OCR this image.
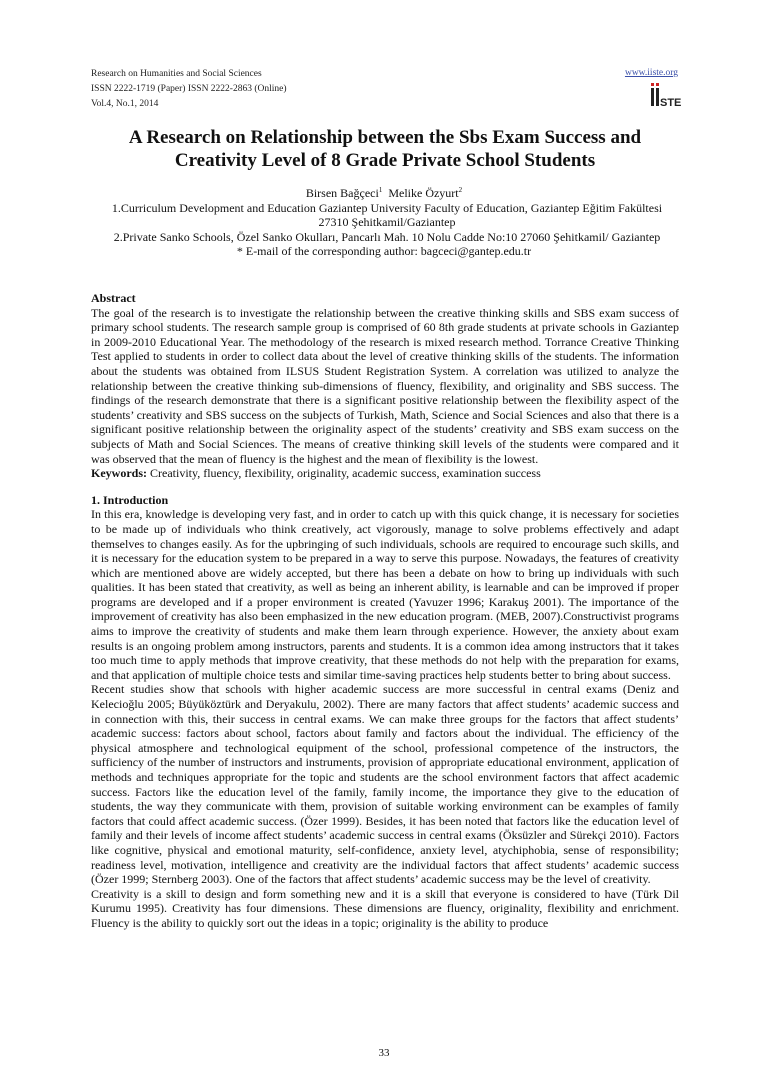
Research on Humanities and Social Sciences
ISSN 2222-1719 (Paper) ISSN 2222-2863 (Online)
Vol.4, No.1, 2014
www.iiste.org
STE
A Research on Relationship between the Sbs Exam Success and Creativity Level of 8 Grade Private School Students

Birsen Bağçeci$^1$ Melike Özyurt$^2$

1.Curriculum Development and Education Gaziantep University Faculty of Education, Gaziantep Eğitim Fakültesi 27310 Şehitkamil/Gaziantep

2.Private Sanko Schools, Özel Sanko Okulları, Pancarlı Mah. 10 Nolu Cadde No:10 27060 Şehitkamil/ Gaziantep

* E-mail of the corresponding author: bagceci@gantep.edu.tr

Abstract

The goal of the research is to investigate the relationship between the creative thinking skills and SBS exam success of primary school students. The research sample group is comprised of 60 8th grade students at private schools in Gaziantep in 2009-2010 Educational Year. The methodology of the research is mixed research method. Torrance Creative Thinking Test applied to students in order to collect data about the level of creative thinking skills of the students. The information about the students was obtained from ILSUS Student Registration System. A correlation was utilized to analyze the relationship between the creative thinking sub-dimensions of fluency, flexibility, and originality and SBS success. The findings of the research demonstrate that there is a significant positive relationship between the flexibility aspect of the students’ creativity and SBS success on the subjects of Turkish, Math, Science and Social Sciences and also that there is a significant positive relationship between the originality aspect of the students’ creativity and SBS exam success on the subjects of Math and Social Sciences. The means of creative thinking skill levels of the students were compared and it was observed that the mean of fluency is the highest and the mean of flexibility is the lowest.

Keywords: Creativity, fluency, flexibility, originality, academic success, examination success

1. Introduction

In this era, knowledge is developing very fast, and in order to catch up with this quick change, it is necessary for societies to be made up of individuals who think creatively, act vigorously, manage to solve problems effectively and adapt themselves to changes easily. As for the upbringing of such individuals, schools are required to encourage such skills, and it is necessary for the education system to be prepared in a way to serve this purpose. Nowadays, the features of creativity which are mentioned above are widely accepted, but there has been a debate on how to bring up individuals with such qualities. It has been stated that creativity, as well as being an inherent ability, is learnable and can be improved if proper programs are developed and if a proper environment is created (Yavuzer 1996; Karakuş 2001). The importance of the improvement of creativity has also been emphasized in the new education program. (MEB, 2007).Constructivist programs aims to improve the creativity of students and make them learn through experience. However, the anxiety about exam results is an ongoing problem among instructors, parents and students. It is a common idea among instructors that it takes too much time to apply methods that improve creativity, that these methods do not help with the preparation for exams, and that application of multiple choice tests and similar time-saving practices help students better to bring about success.

Recent studies show that schools with higher academic success are more successful in central exams (Deniz and Kelecioğlu 2005; Büyüköztürk and Deryakulu, 2002). There are many factors that affect students’ academic success and in connection with this, their success in central exams. We can make three groups for the factors that affect students’ academic success: factors about school, factors about family and factors about the individual. The efficiency of the physical atmosphere and technological equipment of the school, professional competence of the instructors, the sufficiency of the number of instructors and instruments, provision of appropriate educational environment, application of methods and techniques appropriate for the topic and students are the school environment factors that affect academic success. Factors like the education level of the family, family income, the importance they give to the education of students, the way they communicate with them, provision of suitable working environment can be examples of family factors that could affect academic success. (Özer 1999). Besides, it has been noted that factors like the education level of family and their levels of income affect students’ academic success in central exams (Öksüzler and Sürekçi 2010). Factors like cognitive, physical and emotional maturity, self-confidence, anxiety level, atychiphobia, sense of responsibility; readiness level, motivation, intelligence and creativity are the individual factors that affect students’ academic success (Özer 1999; Sternberg 2003). One of the factors that affect students’ academic success may be the level of creativity.

Creativity is a skill to design and form something new and it is a skill that everyone is considered to have (Türk Dil Kurumu 1995). Creativity has four dimensions. These dimensions are fluency, originality, flexibility and enrichment. Fluency is the ability to quickly sort out the ideas in a topic; originality is the ability to produce

33
